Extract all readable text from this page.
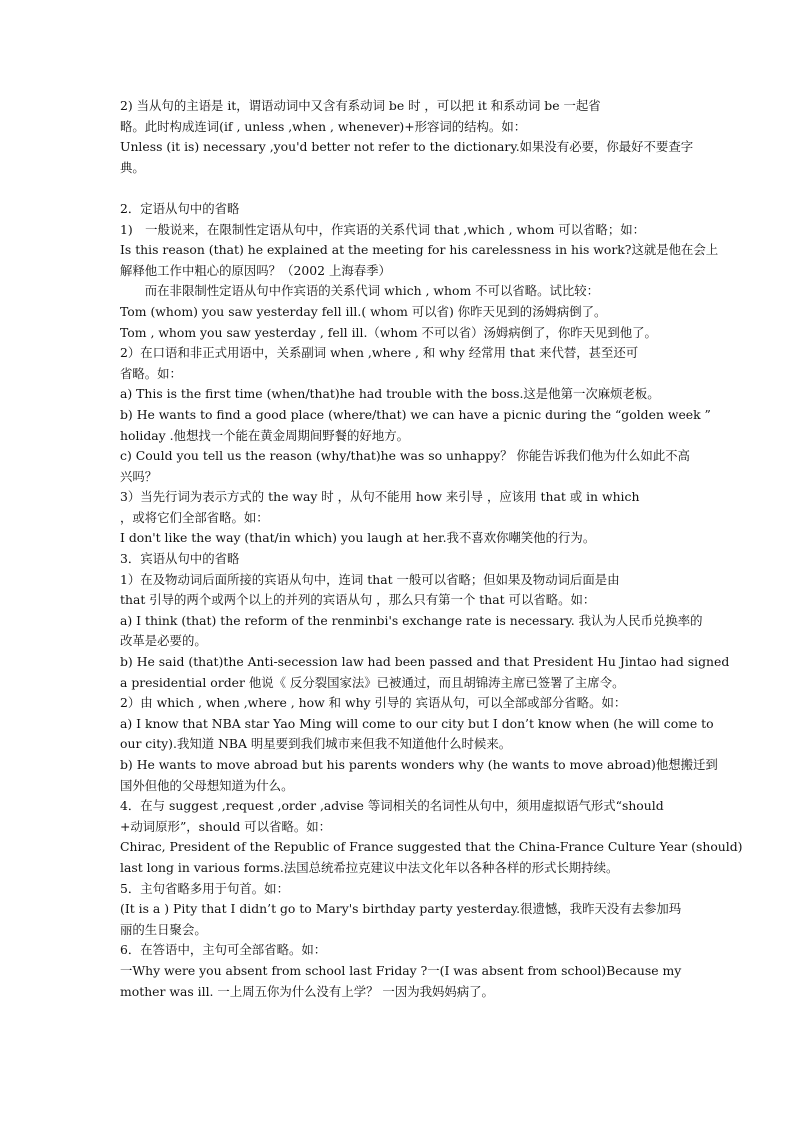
2) 当从句的主语是 it，谓语动词中又含有系动词 be 时 ，可以把 it 和系动词 be 一起省
略。此时构成连词(if , unless ,when , whenever)+形容词的结构。如：
Unless (it is) necessary ,you'd better not refer to the dictionary.如果没有必要，你最好不要查字
典。
2．定语从句中的省略
1)　一般说来，在限制性定语从句中，作宾语的关系代词 that ,which , whom 可以省略；如：
Is this reason (that) he explained at the meeting for his carelessness in his work?这就是他在会上
解释他工作中粗心的原因吗？（2002 上海春季）
　　而在非限制性定语从句中作宾语的关系代词 which , whom 不可以省略。试比较：
Tom (whom) you saw yesterday fell ill.( whom 可以省) 你昨天见到的汤姆病倒了。
Tom , whom you saw yesterday , fell ill.（whom 不可以省）汤姆病倒了，你昨天见到他了。
2）在口语和非正式用语中，关系副词 when ,where , 和 why 经常用 that 来代替，甚至还可
省略。如：
a) This is the first time (when/that)he had trouble with the boss.这是他第一次麻烦老板。
b) He wants to find a good place (where/that) we can have a picnic during the “golden week ”
holiday .他想找一个能在黄金周期间野餐的好地方。
c) Could you tell us the reason (why/that)he was so unhappy？ 你能告诉我们他为什么如此不高
兴吗？
3）当先行词为表示方式的 the way 时 ，从句不能用 how 来引导 ，应该用 that 或 in which
，或将它们全部省略。如：
I don't like the way (that/in which) you laugh at her.我不喜欢你嘲笑他的行为。
3．宾语从句中的省略
1）在及物动词后面所接的宾语从句中，连词 that 一般可以省略；但如果及物动词后面是由
that 引导的两个或两个以上的并列的宾语从句 ，那么只有第一个 that 可以省略。如：
a) I think (that) the reform of the renminbi's exchange rate is necessary. 我认为人民币兑换率的
改革是必要的。
b) He said (that)the Anti-secession law had been passed and that President Hu Jintao had signed
a presidential order 他说《 反分裂国家法》已被通过，而且胡锦涛主席已签署了主席令。
2）由 which , when ,where , how 和 why 引导的 宾语从句，可以全部或部分省略。如：
a) I know that NBA star Yao Ming will come to our city but I don’t know when (he will come to
our city).我知道 NBA 明星要到我们城市来但我不知道他什么时候来。
b) He wants to move abroad but his parents wonders why (he wants to move abroad)他想搬迁到
国外但他的父母想知道为什么。
4．在与 suggest ,request ,order ,advise 等词相关的名词性从句中，须用虚拟语气形式“should
+动词原形”，should 可以省略。如：
Chirac, President of the Republic of France suggested that the China-France Culture Year (should)
last long in various forms.法国总统希拉克建议中法文化年以各种各样的形式长期持续。
5．主句省略多用于句首。如：
(It is a ) Pity that I didn’t go to Mary's birthday party yesterday.很遗憾，我昨天没有去参加玛
丽的生日聚会。
6．在答语中，主句可全部省略。如：
一Why were you absent from school last Friday ?一(I was absent from school)Because my
mother was ill. 一上周五你为什么没有上学？ 一因为我妈妈病了。
